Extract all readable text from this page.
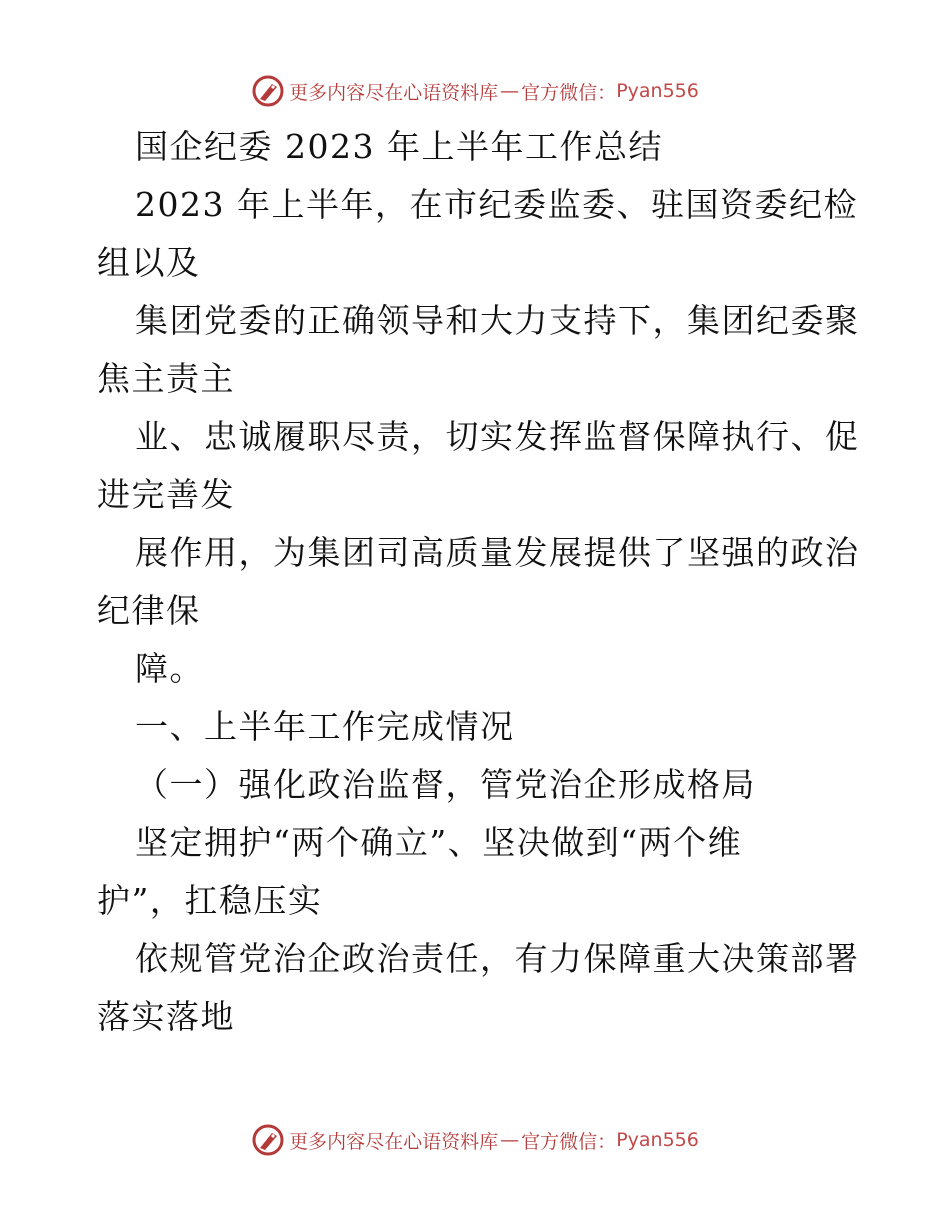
更多内容尽在心语资料库 — 官方微信： Pyan556
国企纪委 2023 年上半年工作总结
2023 年上半年，在市纪委监委、驻国资委纪检
组以及
集团党委的正确领导和大力支持下，集团纪委聚
焦主责主
业、忠诚履职尽责，切实发挥监督保障执行、促
进完善发
展作用，为集团司高质量发展提供了坚强的政治
纪律保
障。
一、上半年工作完成情况
（一）强化政治监督，管党治企形成格局
坚定拥护“两个确立”、坚决做到“两个维
护”，扛稳压实
依规管党治企政治责任，有力保障重大决策部署
落实落地
更多内容尽在心语资料库 — 官方微信： Pyan556
